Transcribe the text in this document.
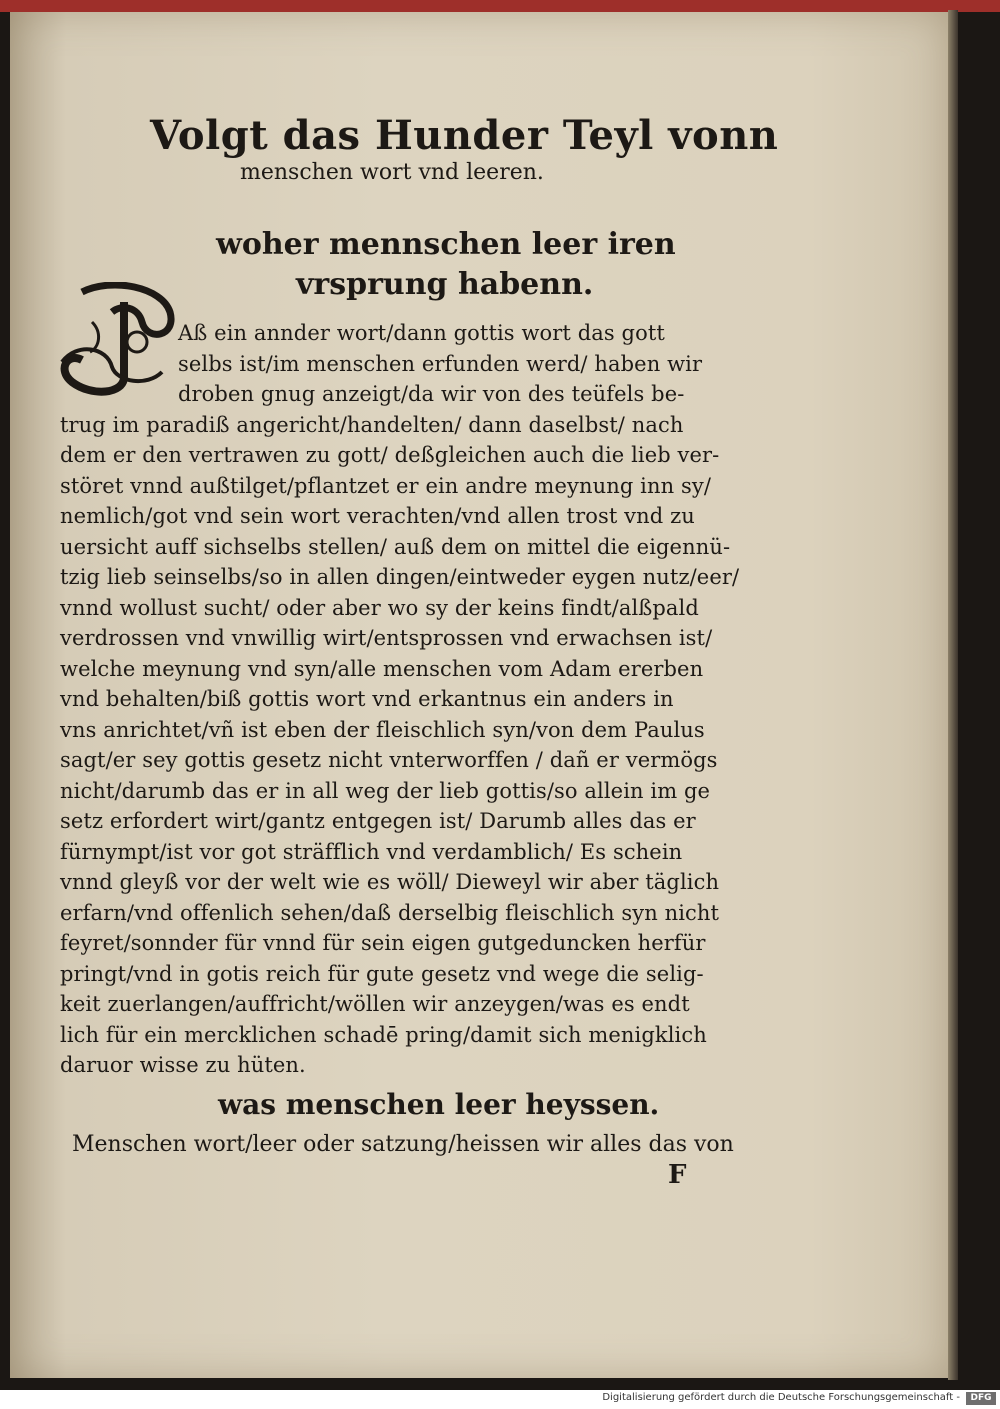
Volgt das Hunder Teyl vonn
menschen wort vnd leeren.
woher mennschen leer iren
vrsprung habenn.
Aß ein annder wort/dann gottis wort das gott
selbs ist/im menschen erfunden werd/ haben wir
droben gnug anzeigt/da wir von des teüfels be-
trug im paradiß angericht/handelten/ dann daselbst/ nach
dem er den vertrawen zu gott/ deßgleichen auch die lieb ver-
störet vnnd außtilget/pflantzet er ein andre meynung inn sy/
nemlich/got vnd sein wort verachten/vnd allen trost vnd zu
uersicht auff sichselbs stellen/ auß dem on mittel die eigennü-
tzig lieb seinselbs/so in allen dingen/eintweder eygen nutz/eer/
vnnd wollust sucht/ oder aber wo sy der keins findt/alßpald
verdrossen vnd vnwillig wirt/entsprossen vnd erwachsen ist/
welche meynung vnd syn/alle menschen vom Adam ererben
vnd behalten/biß gottis wort vnd erkantnus ein anders in
vns anrichtet/vñ ist eben der fleischlich syn/von dem Paulus
sagt/er sey gottis gesetz nicht vnterworffen / dañ er vermögs
nicht/darumb das er in all weg der lieb gottis/so allein im ge
setz erfordert wirt/gantz entgegen ist/ Darumb alles das er
fürnympt/ist vor got sträfflich vnd verdamblich/ Es schein
vnnd gleyß vor der welt wie es wöll/ Dieweyl wir aber täglich
erfarn/vnd offenlich sehen/daß derselbig fleischlich syn nicht
feyret/sonnder für vnnd für sein eigen gutgeduncken herfür
pringt/vnd in gotis reich für gute gesetz vnd wege die selig-
keit zuerlangen/auffricht/wöllen wir anzeygen/was es endt
lich für ein mercklichen schadē pring/damit sich menigklich
daruor wisse zu hüten.
was menschen leer heyssen.
Menschen wort/leer oder satzung/heissen wir alles das von
F
Digitalisierung gefördert durch die Deutsche Forschungsgemeinschaft -	DFG
